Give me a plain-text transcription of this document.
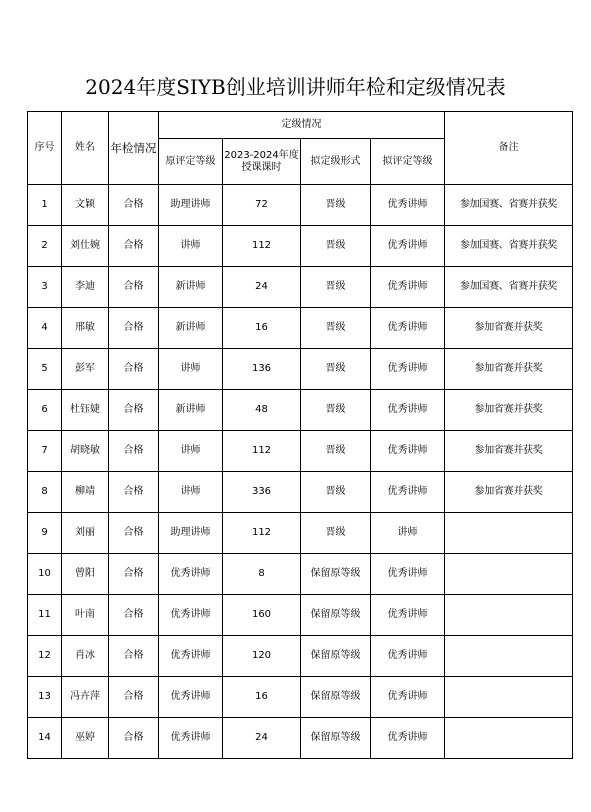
2024年度SIYB创业培训讲师年检和定级情况表
序号	姓名	年检情况	定级情况				备注
			原评定等级	2023-2024年度 授课课时	拟定级形式	拟评定等级	
1	文颖	合格	助理讲师	72	晋级	优秀讲师	参加国赛、省赛并获奖
2	刘仕婉	合格	讲师	112	晋级	优秀讲师	参加国赛、省赛并获奖
3	李迪	合格	新讲师	24	晋级	优秀讲师	参加国赛、省赛并获奖
4	邢敏	合格	新讲师	16	晋级	优秀讲师	参加省赛并获奖
5	彭军	合格	讲师	136	晋级	优秀讲师	参加省赛并获奖
6	杜钰婕	合格	新讲师	48	晋级	优秀讲师	参加省赛并获奖
7	胡晓敏	合格	讲师	112	晋级	优秀讲师	参加省赛并获奖
8	柳靖	合格	讲师	336	晋级	优秀讲师	参加省赛并获奖
9	刘丽	合格	助理讲师	112	晋级	讲师	
10	曾阳	合格	优秀讲师	8	保留原等级	优秀讲师	
11	叶南	合格	优秀讲师	160	保留原等级	优秀讲师	
12	肖冰	合格	优秀讲师	120	保留原等级	优秀讲师	
13	冯卉萍	合格	优秀讲师	16	保留原等级	优秀讲师	
14	巫婷	合格	优秀讲师	24	保留原等级	优秀讲师	
